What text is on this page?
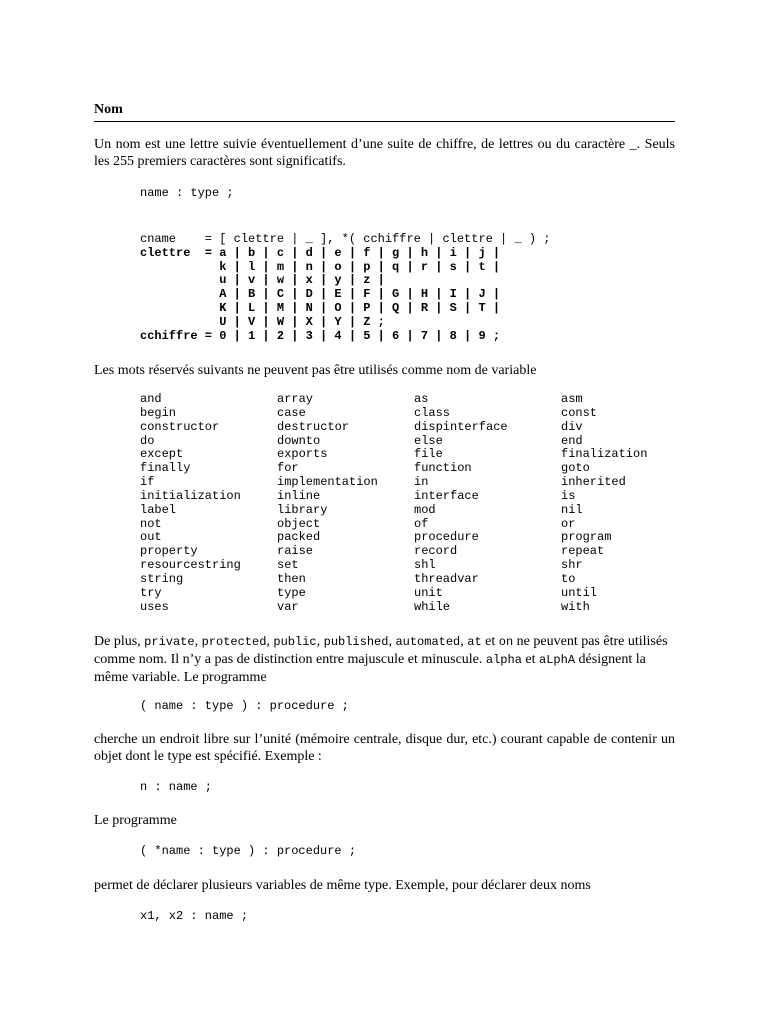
Nom

Un nom est une lettre suivie éventuellement d’une suite de chiffre, de lettres ou du caractère _. Seuls les 255 premiers caractères sont significatifs.

name : type ;
cname    = [ clettre | _ ], *( cchiffre | clettre | _ ) ;
clettre  = a | b | c | d | e | f | g | h | i | j |
k | l | m | n | o | p | q | r | s | t |
u | v | w | x | y | z |
A | B | C | D | E | F | G | H | I | J |
K | L | M | N | O | P | Q | R | S | T |
U | V | W | X | Y | Z ;
cchiffre = 0 | 1 | 2 | 3 | 4 | 5 | 6 | 7 | 8 | 9 ;

Les mots réservés suivants ne peuvent pas être utilisés comme nom de variable

and	array	as	asm
begin	case	class	const
constructor	destructor	dispinterface	div
do	downto	else	end
except	exports	file	finalization
finally	for	function	goto
if	implementation	in	inherited
initialization	inline	interface	is
label	library	mod	nil
not	object	of	or
out	packed	procedure	program
property	raise	record	repeat
resourcestring	set	shl	shr
string	then	threadvar	to
try	type	unit	until
uses	var	while	with

De plus, private, protected, public, published, automated, at et on ne peuvent pas être utilisés comme nom. Il n’y a pas de distinction entre majuscule et minuscule. alpha et aLphA désignent la même variable. Le programme

( name : type ) : procedure ;

cherche un endroit libre sur l’unité (mémoire centrale, disque dur, etc.) courant capable de contenir un objet dont le type est spécifié. Exemple :

n : name ;

Le programme

( *name : type ) : procedure ;

permet de déclarer plusieurs variables de même type. Exemple, pour déclarer deux noms

x1, x2 : name ;
